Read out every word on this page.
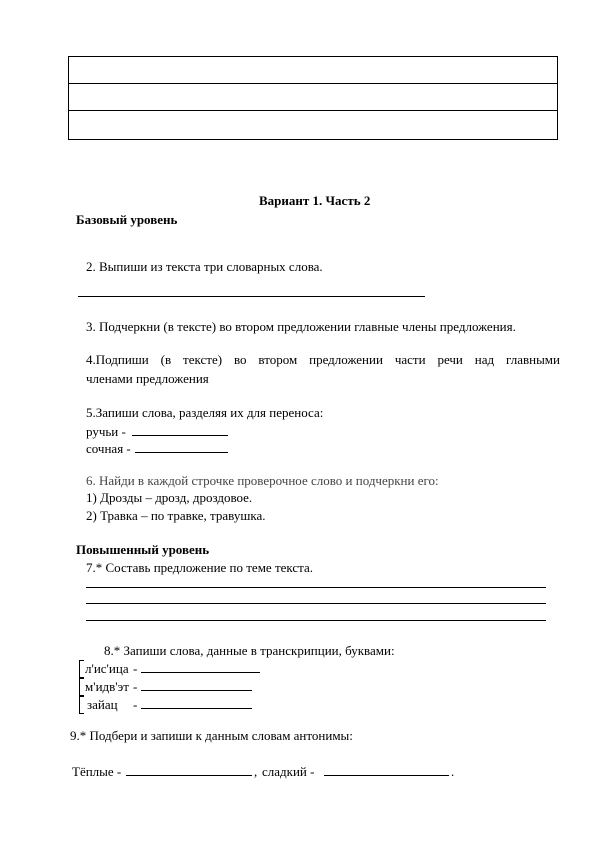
Вариант 1. Часть 2
Базовый уровень
2. Выпиши из текста три словарных слова.
3. Подчеркни (в тексте) во втором предложении главные члены предложения.
4.Подпиши (в тексте) во втором предложении части речи над главными
членами предложения
5.Запиши слова, разделяя их для переноса:
ручьи -
сочная -
6. Найди в каждой строчке проверочное слово и подчеркни его:
1) Дрозды – дрозд, дроздовое.
2) Травка – по травке, травушка.
Повышенный уровень
7.* Составь предложение по теме текста.
8.* Запиши слова, данные в транскрипции, буквами:
л'ис'ица -
м'идв'эт -
зайац -
9.* Подбери и запиши к данным словам антонимы:
Тёплые -	, сладкий -	.
